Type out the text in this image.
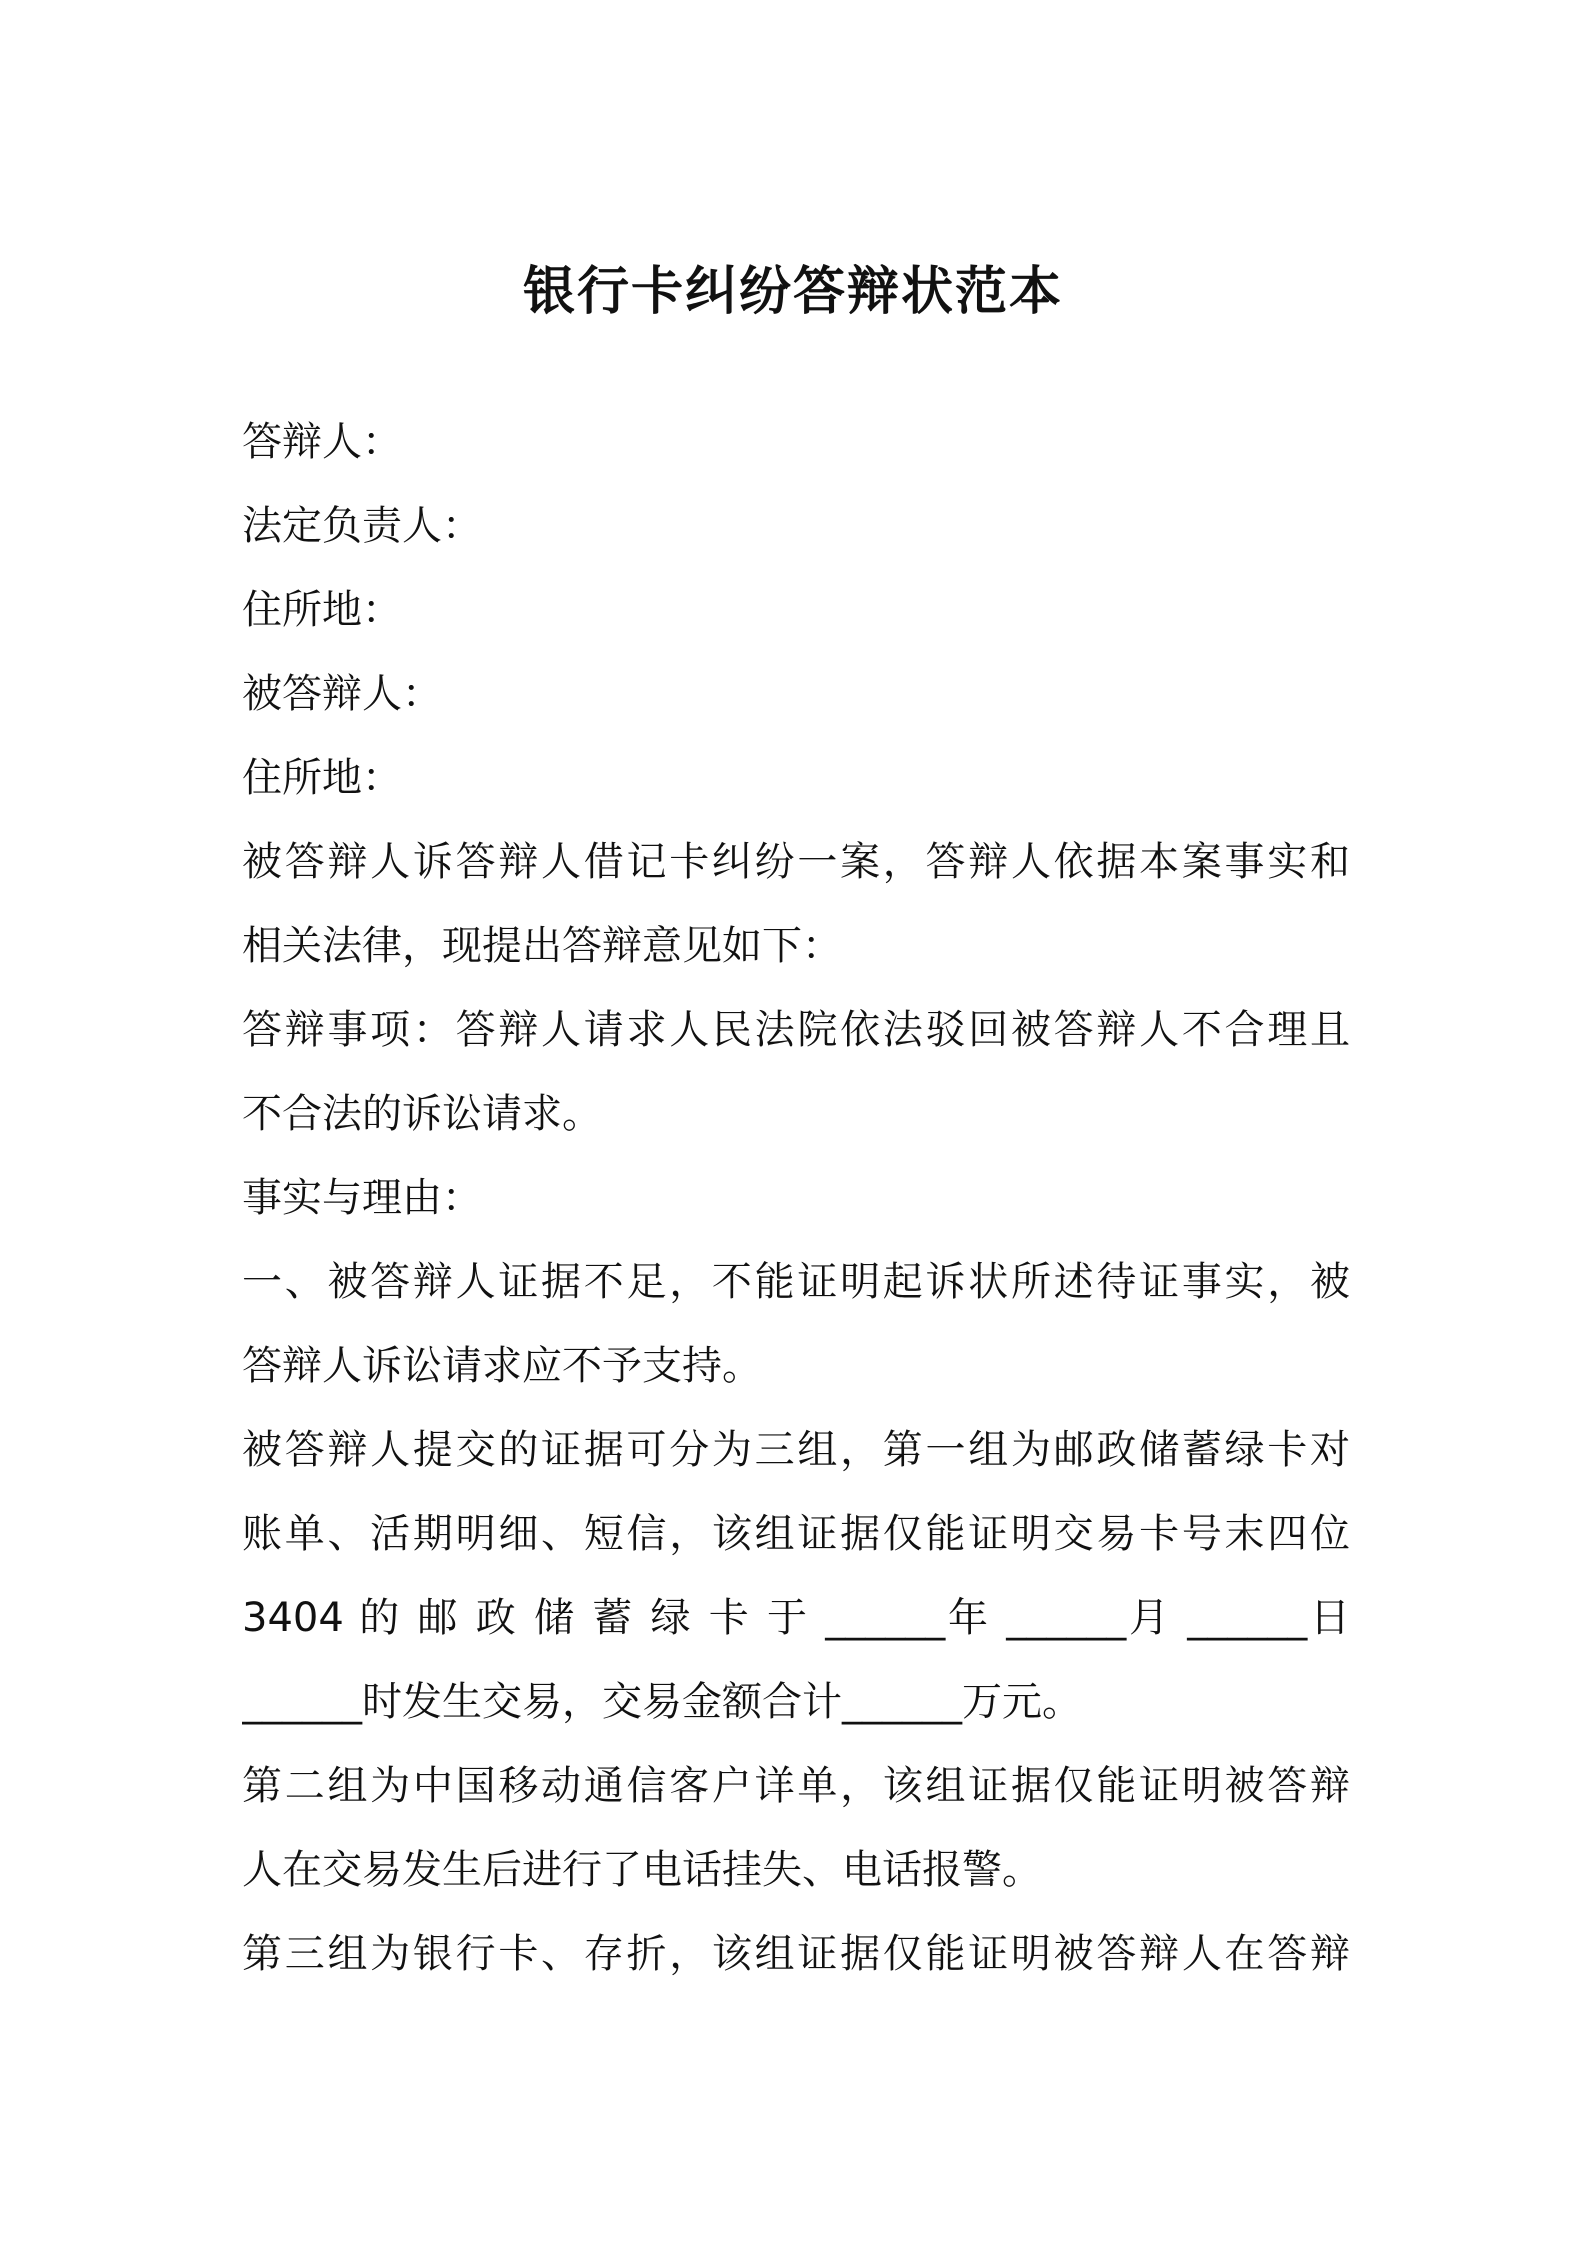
银行卡纠纷答辩状范本
答辩人：
法定负责人：
住所地：
被答辩人：
住所地：
被答辩人诉答辩人借记卡纠纷一案，答辩人依据本案事实和
相关法律，现提出答辩意见如下：
答辩事项：答辩人请求人民法院依法驳回被答辩人不合理且
不合法的诉讼请求。
事实与理由：
一、被答辩人证据不足，不能证明起诉状所述待证事实，被
答辩人诉讼请求应不予支持。
被答辩人提交的证据可分为三组，第一组为邮政储蓄绿卡对
账单、活期明细、短信，该组证据仅能证明交易卡号末四位
3404 的 邮 政 储 蓄 绿 卡 于 ______年 ______月 ______日
______时发生交易，交易金额合计______万元。
第二组为中国移动通信客户详单，该组证据仅能证明被答辩
人在交易发生后进行了电话挂失、电话报警。
第三组为银行卡、存折，该组证据仅能证明被答辩人在答辩
